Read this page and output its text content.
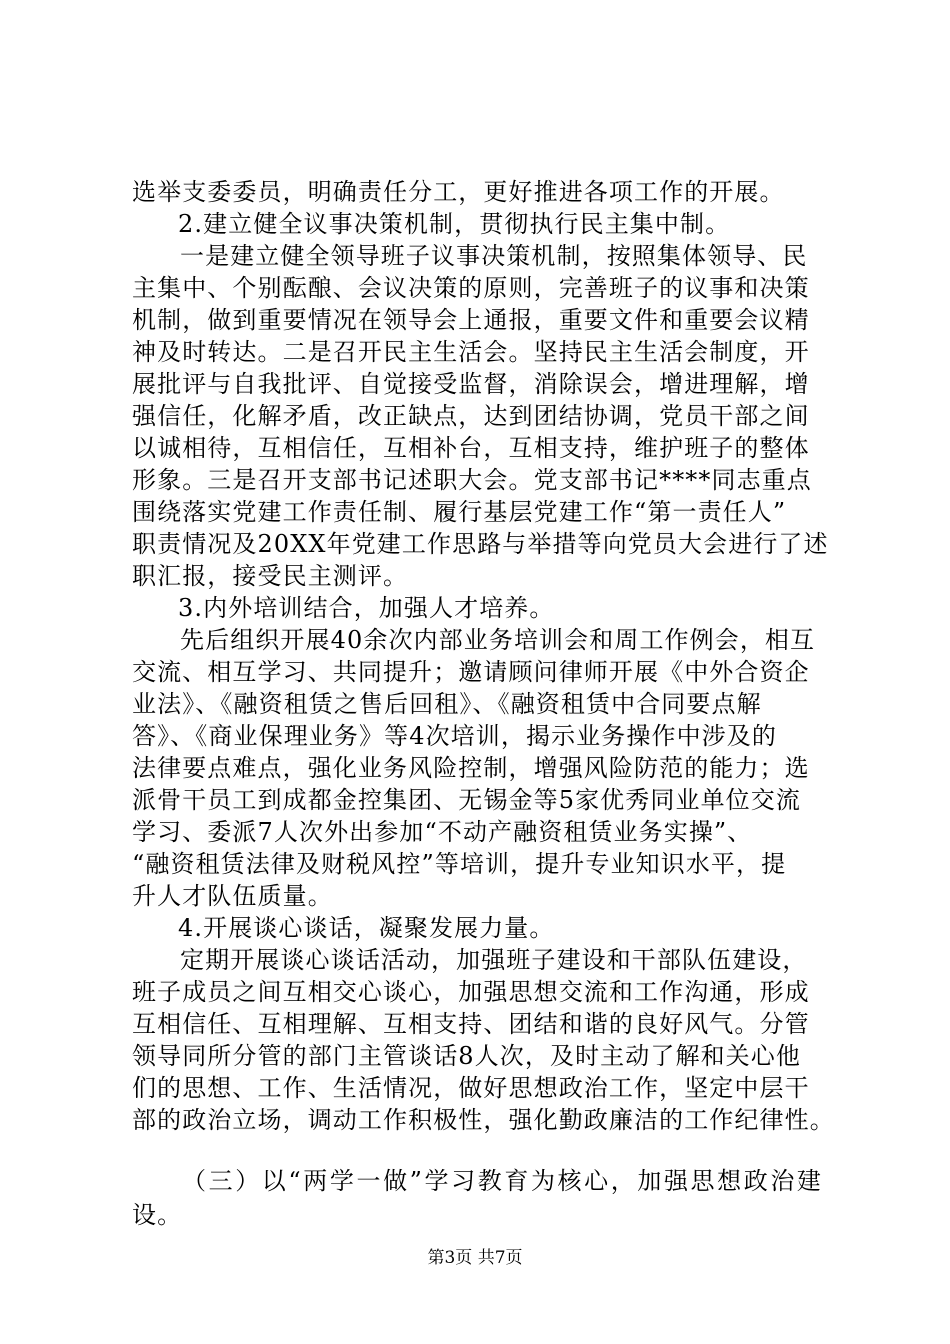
选举支委委员，明确责任分工，更好推进各项工作的开展。
2.建立健全议事决策机制，贯彻执行民主集中制。
一是建立健全领导班子议事决策机制，按照集体领导、民
主集中、个别酝酿、会议决策的原则，完善班子的议事和决策
机制，做到重要情况在领导会上通报，重要文件和重要会议精
神及时转达。二是召开民主生活会。坚持民主生活会制度，开
展批评与自我批评、自觉接受监督，消除误会，增进理解，增
强信任，化解矛盾，改正缺点，达到团结协调，党员干部之间
以诚相待，互相信任，互相补台，互相支持，维护班子的整体
形象。三是召开支部书记述职大会。党支部书记****同志重点
围绕落实党建工作责任制、履行基层党建工作“第一责任人”
职责情况及20XX年党建工作思路与举措等向党员大会进行了述
职汇报，接受民主测评。
3.内外培训结合，加强人才培养。
先后组织开展40余次内部业务培训会和周工作例会，相互
交流、相互学习、共同提升；邀请顾问律师开展《中外合资企
业法》、《融资租赁之售后回租》、《融资租赁中合同要点解
答》、《商业保理业务》等4次培训，揭示业务操作中涉及的
法律要点难点，强化业务风险控制，增强风险防范的能力；选
派骨干员工到成都金控集团、无锡金等5家优秀同业单位交流
学习、委派7人次外出参加“不动产融资租赁业务实操”、
“融资租赁法律及财税风控”等培训，提升专业知识水平，提
升人才队伍质量。
4.开展谈心谈话，凝聚发展力量。
定期开展谈心谈话活动，加强班子建设和干部队伍建设，
班子成员之间互相交心谈心，加强思想交流和工作沟通，形成
互相信任、互相理解、互相支持、团结和谐的良好风气。分管
领导同所分管的部门主管谈话8人次，及时主动了解和关心他
们的思想、工作、生活情况，做好思想政治工作，坚定中层干
部的政治立场，调动工作积极性，强化勤政廉洁的工作纪律性。
（三）以“两学一做”学习教育为核心，加强思想政治建
设。
第3页 共7页
